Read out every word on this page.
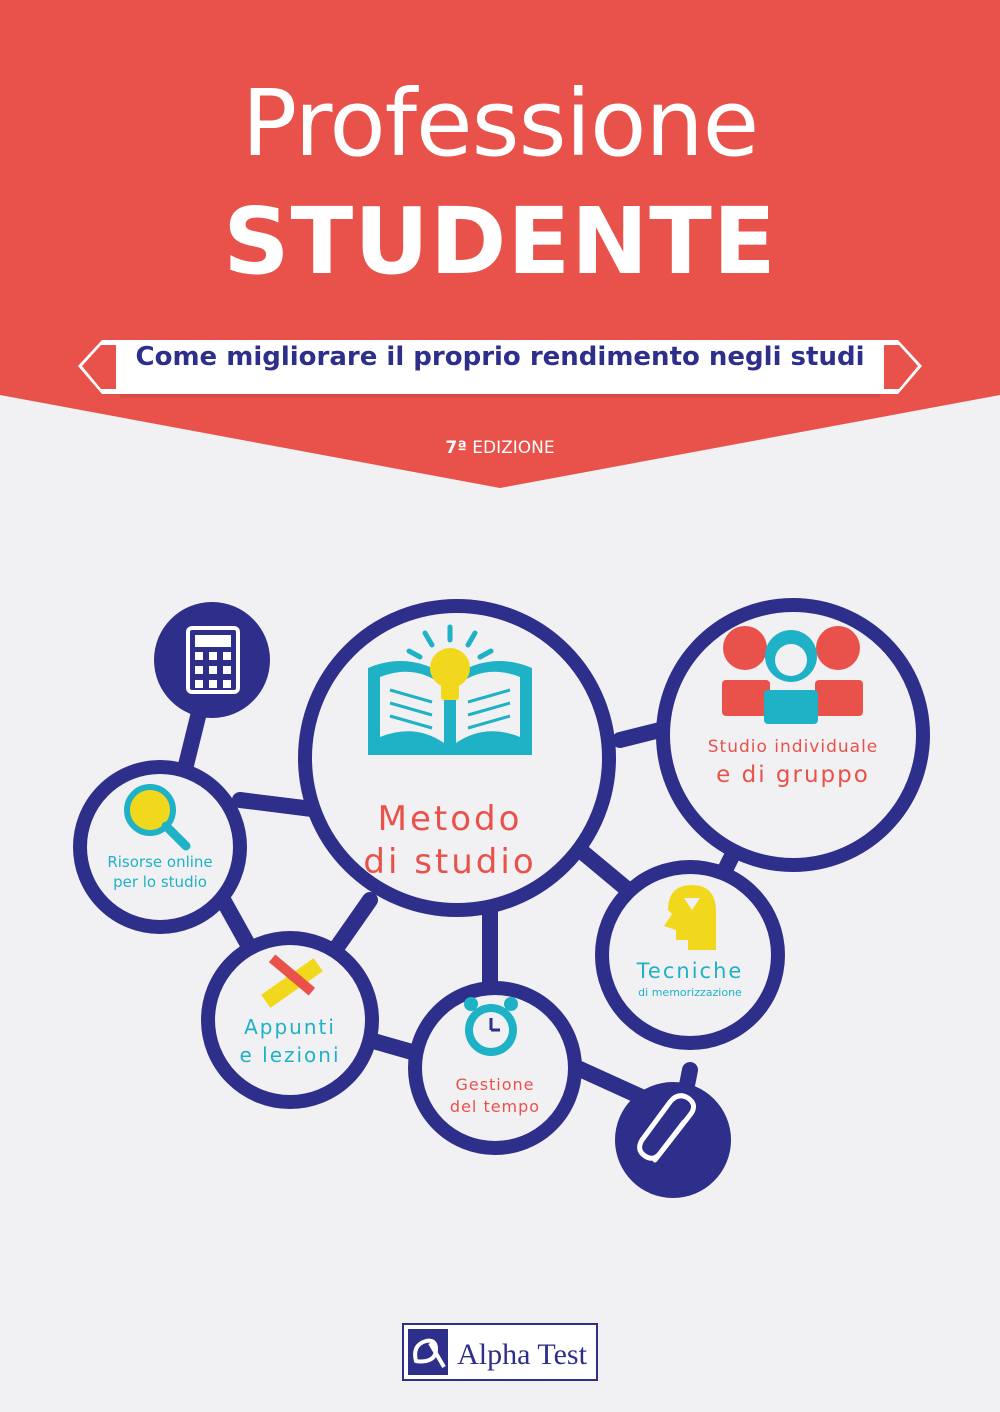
Professione
STUDENTE
Come migliorare il proprio rendimento negli studi
7ª EDIZIONE
Metodo
di studio
Risorse online
per lo studio
Studio individuale
e di gruppo
Tecniche
di memorizzazione
Appunti
e lezioni
Gestione
del tempo
Alpha Test
